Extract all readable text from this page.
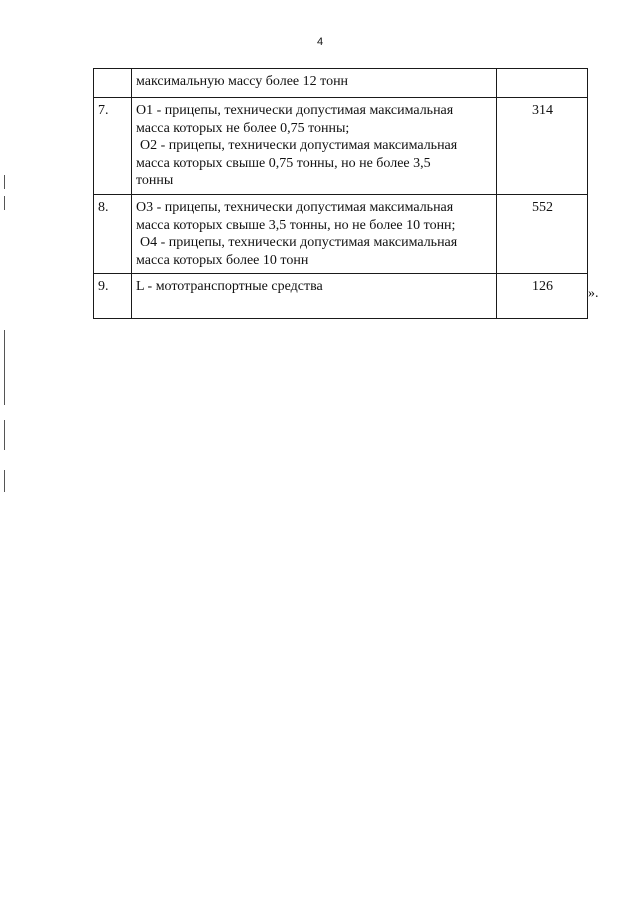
4

	максимальную массу более 12 тонн	

7.	O1 - прицепы, технически допустимая максимальная
масса которых не более 0,75 тонны;
O2 - прицепы, технически допустимая максимальная
масса которых свыше 0,75 тонны, но не более 3,5
тонны	314
8.	O3 - прицепы, технически допустимая максимальная
масса которых свыше 3,5 тонны, но не более 10 тонн;
O4 - прицепы, технически допустимая максимальная
масса которых более 10 тонн	552
9.	L - мототранспортные средства	126	».
